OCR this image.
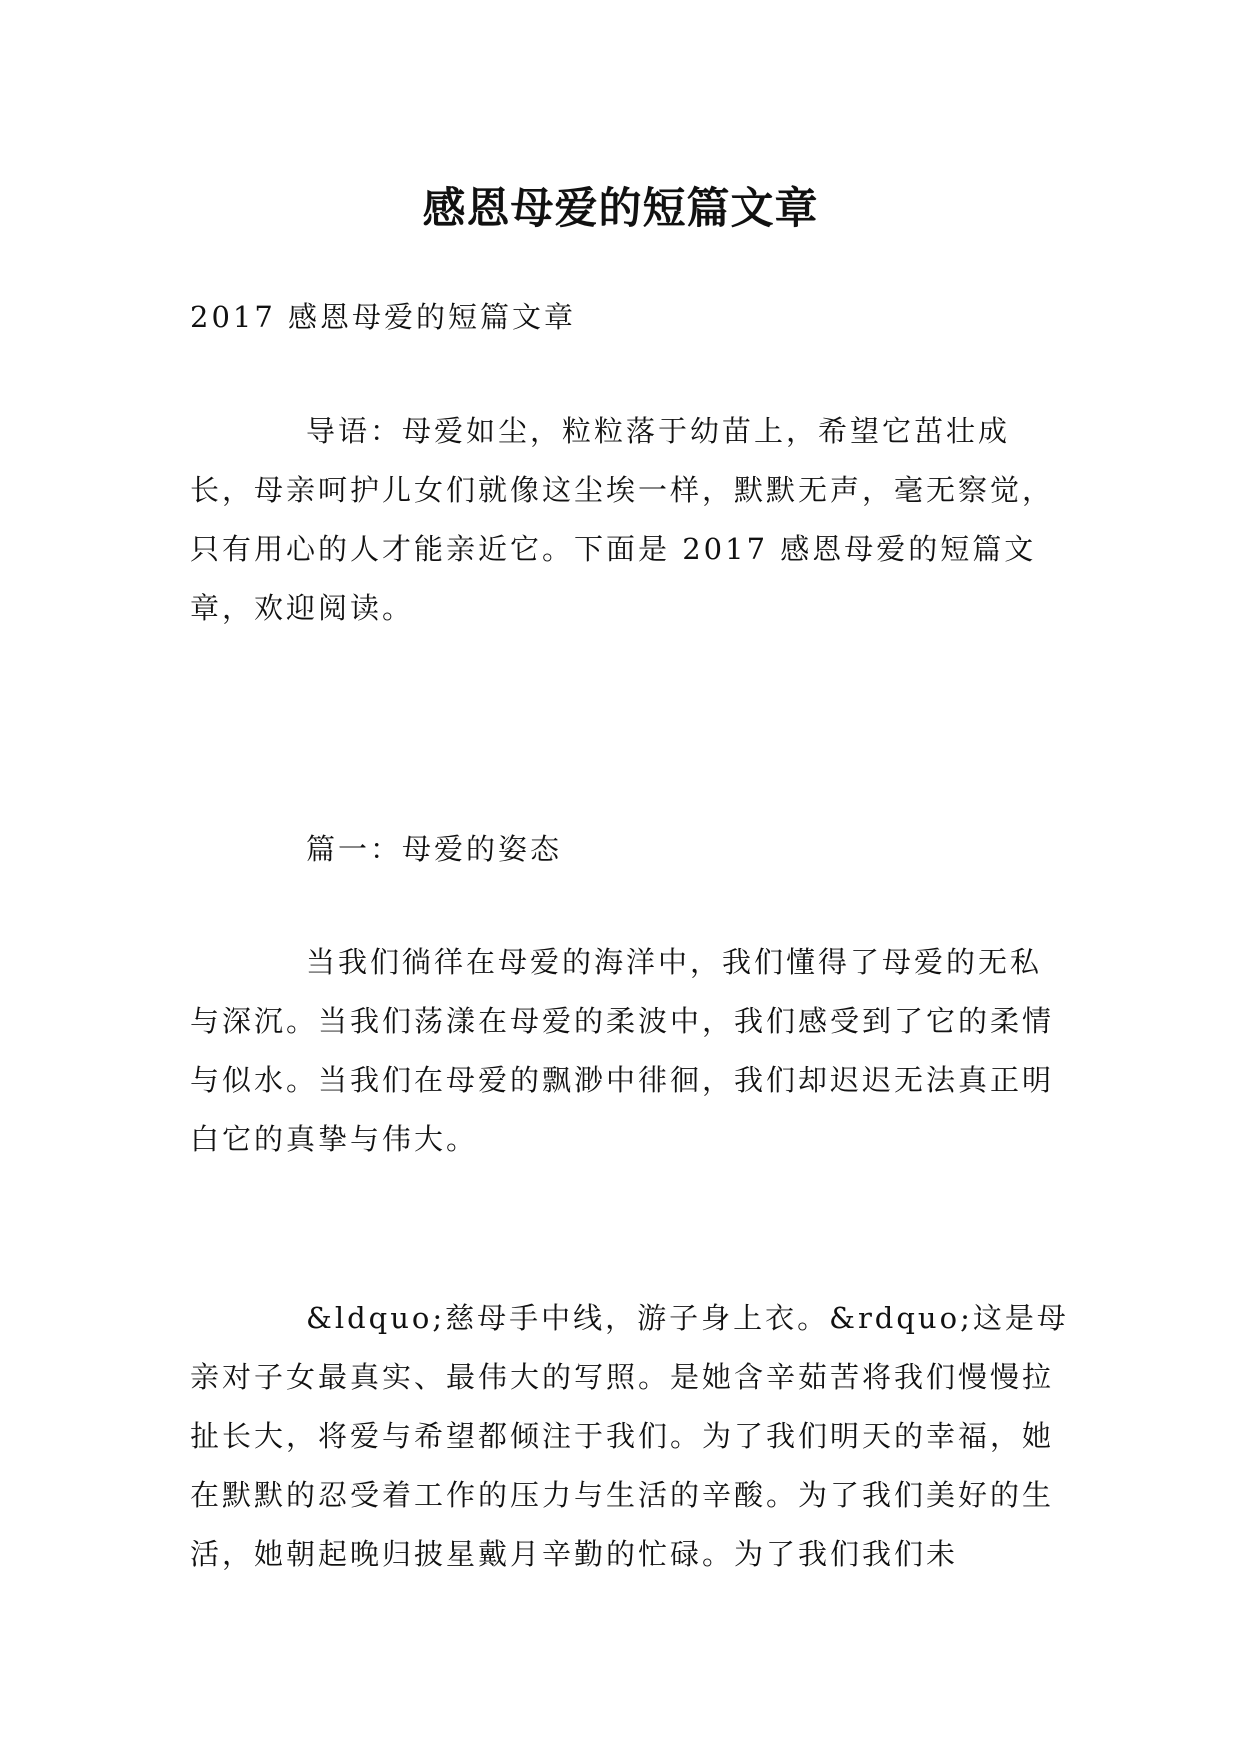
感恩母爱的短篇文章

2017 感恩母爱的短篇文章

导语：母爱如尘，粒粒落于幼苗上，希望它茁壮成长，母亲呵护儿女们就像这尘埃一样，默默无声，毫无察觉，只有用心的人才能亲近它。下面是 2017 感恩母爱的短篇文章，欢迎阅读。

篇一：母爱的姿态

当我们徜徉在母爱的海洋中，我们懂得了母爱的无私与深沉。当我们荡漾在母爱的柔波中，我们感受到了它的柔情与似水。当我们在母爱的飘渺中徘徊，我们却迟迟无法真正明白它的真挚与伟大。

&ldquo;慈母手中线，游子身上衣。&rdquo;这是母亲对子女最真实、最伟大的写照。是她含辛茹苦将我们慢慢拉扯长大，将爱与希望都倾注于我们。为了我们明天的幸福，她在默默的忍受着工作的压力与生活的辛酸。为了我们美好的生活，她朝起晚归披星戴月辛勤的忙碌。为了我们我们未
